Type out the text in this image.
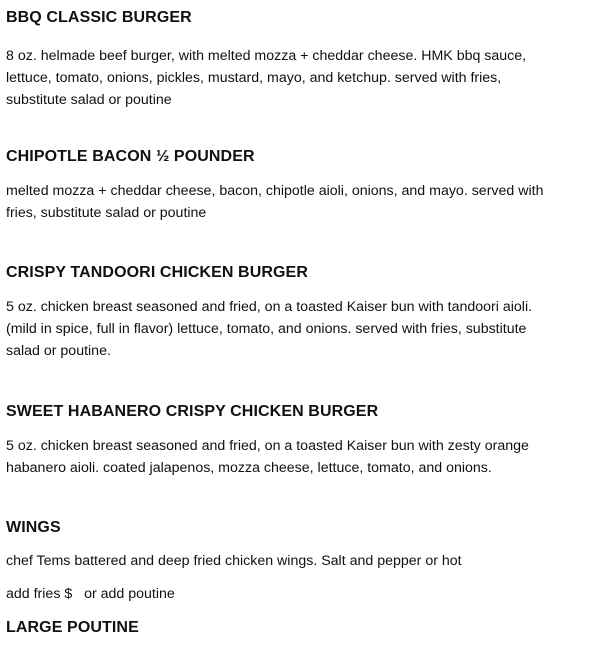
BBQ CLASSIC BURGER

8 oz. helmade beef burger, with melted mozza + cheddar cheese. HMK bbq sauce,
lettuce, tomato, onions, pickles, mustard, mayo, and ketchup. served with fries,
substitute salad or poutine

CHIPOTLE BACON ½ POUNDER

melted mozza + cheddar cheese, bacon, chipotle aioli, onions, and mayo. served with
fries, substitute salad or poutine

CRISPY TANDOORI CHICKEN BURGER

5 oz. chicken breast seasoned and fried, on a toasted Kaiser bun with tandoori aioli.
(mild in spice, full in flavor) lettuce, tomato, and onions. served with fries, substitute
salad or poutine.

SWEET HABANERO CRISPY CHICKEN BURGER

5 oz. chicken breast seasoned and fried, on a toasted Kaiser bun with zesty orange
habanero aioli. coated jalapenos, mozza cheese, lettuce, tomato, and onions.

WINGS
chef Tems battered and deep fried chicken wings. Salt and pepper or hot
add fries $   or add poutine
LARGE POUTINE
